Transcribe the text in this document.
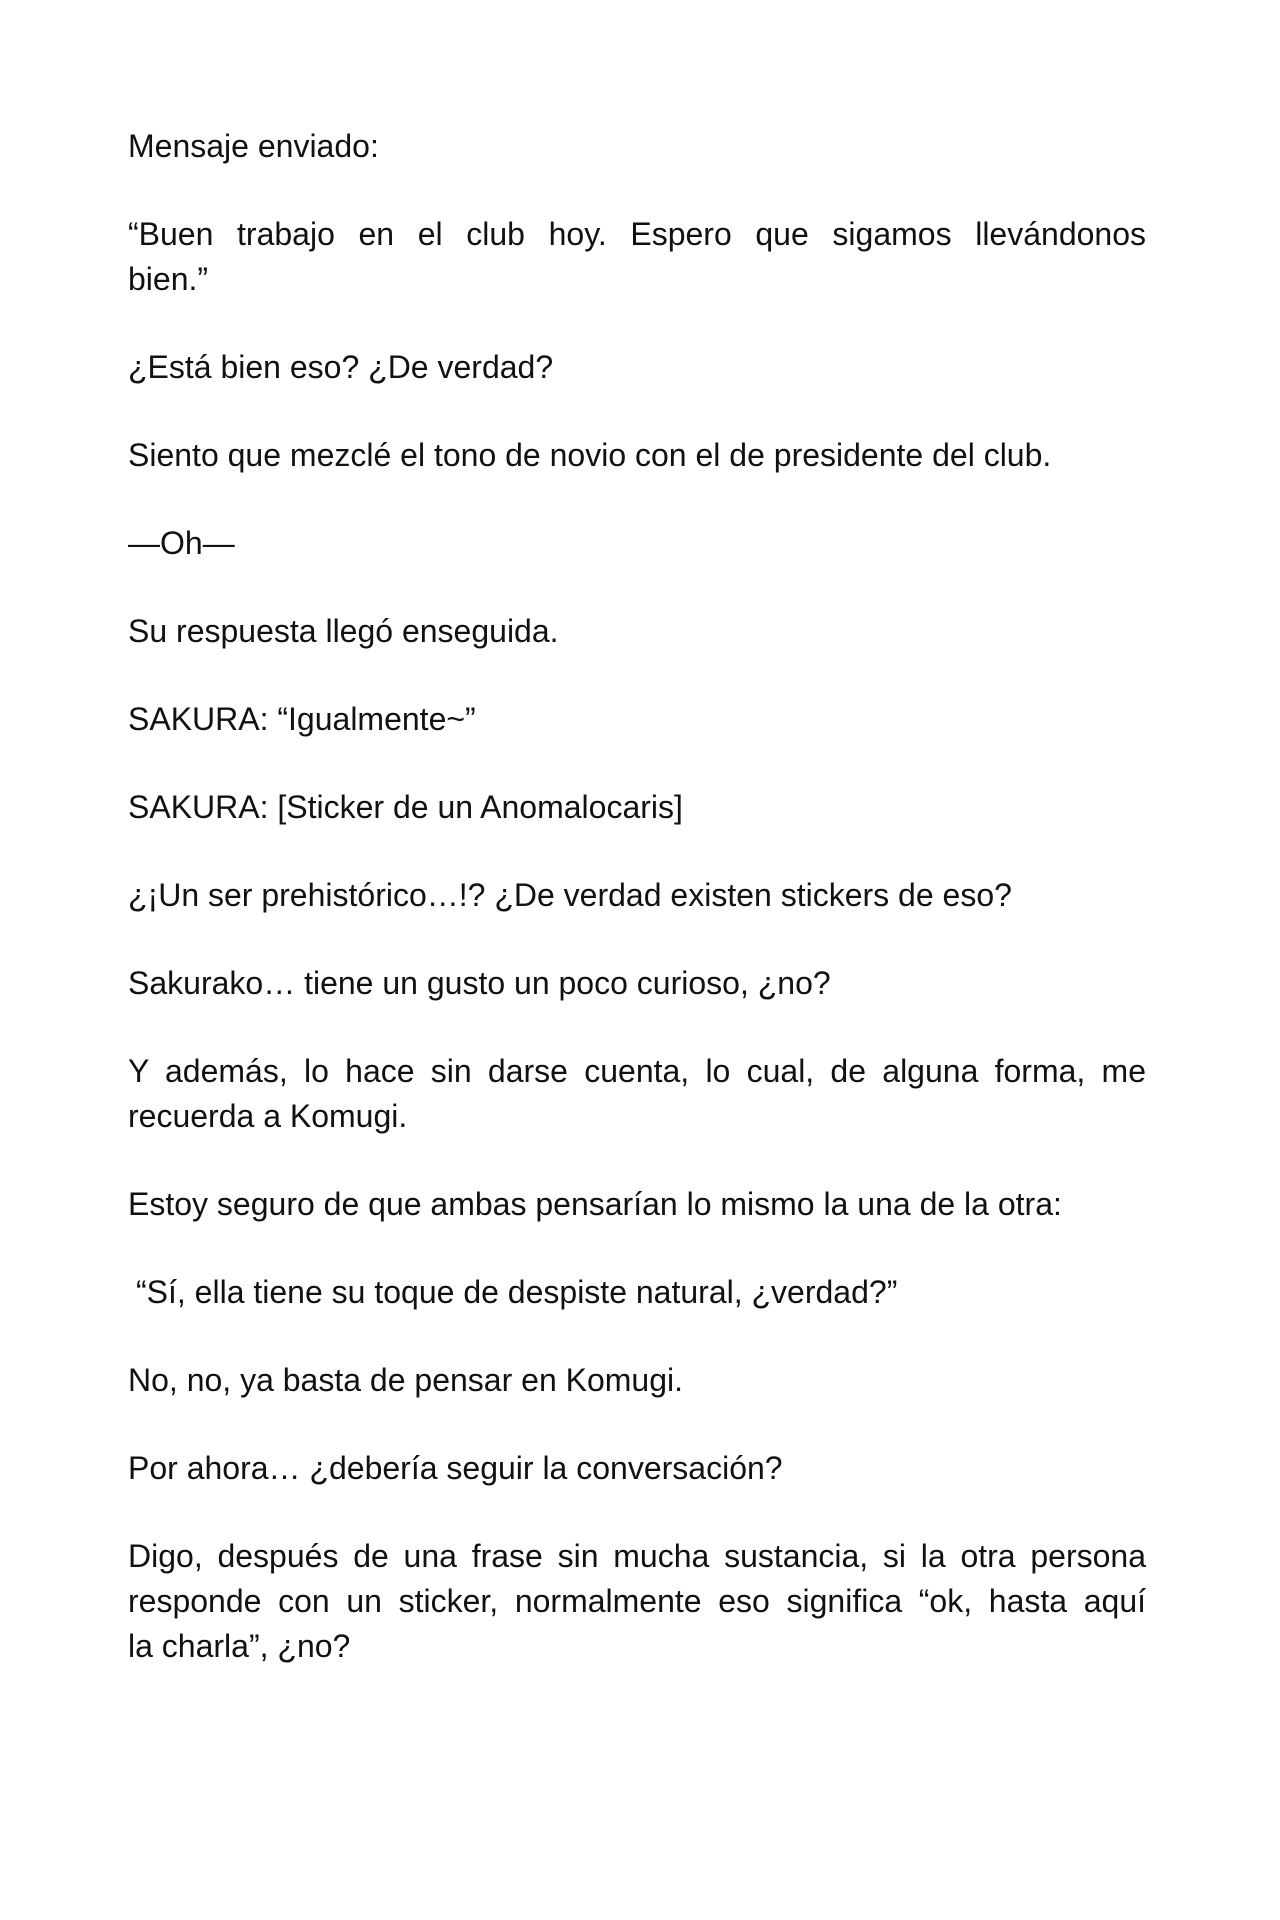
Mensaje enviado:

“Buen trabajo en el club hoy. Espero que sigamos llevándonos
bien.”

¿Está bien eso? ¿De verdad?

Siento que mezclé el tono de novio con el de presidente del club.

—Oh—

Su respuesta llegó enseguida.

SAKURA: “Igualmente~”

SAKURA: [Sticker de un Anomalocaris]

¿¡Un ser prehistórico…!? ¿De verdad existen stickers de eso?

Sakurako… tiene un gusto un poco curioso, ¿no?

Y además, lo hace sin darse cuenta, lo cual, de alguna forma, me
recuerda a Komugi.

Estoy seguro de que ambas pensarían lo mismo la una de la otra:

“Sí, ella tiene su toque de despiste natural, ¿verdad?”

No, no, ya basta de pensar en Komugi.

Por ahora… ¿debería seguir la conversación?

Digo, después de una frase sin mucha sustancia, si la otra persona
responde con un sticker, normalmente eso significa “ok, hasta aquí
la charla”, ¿no?
